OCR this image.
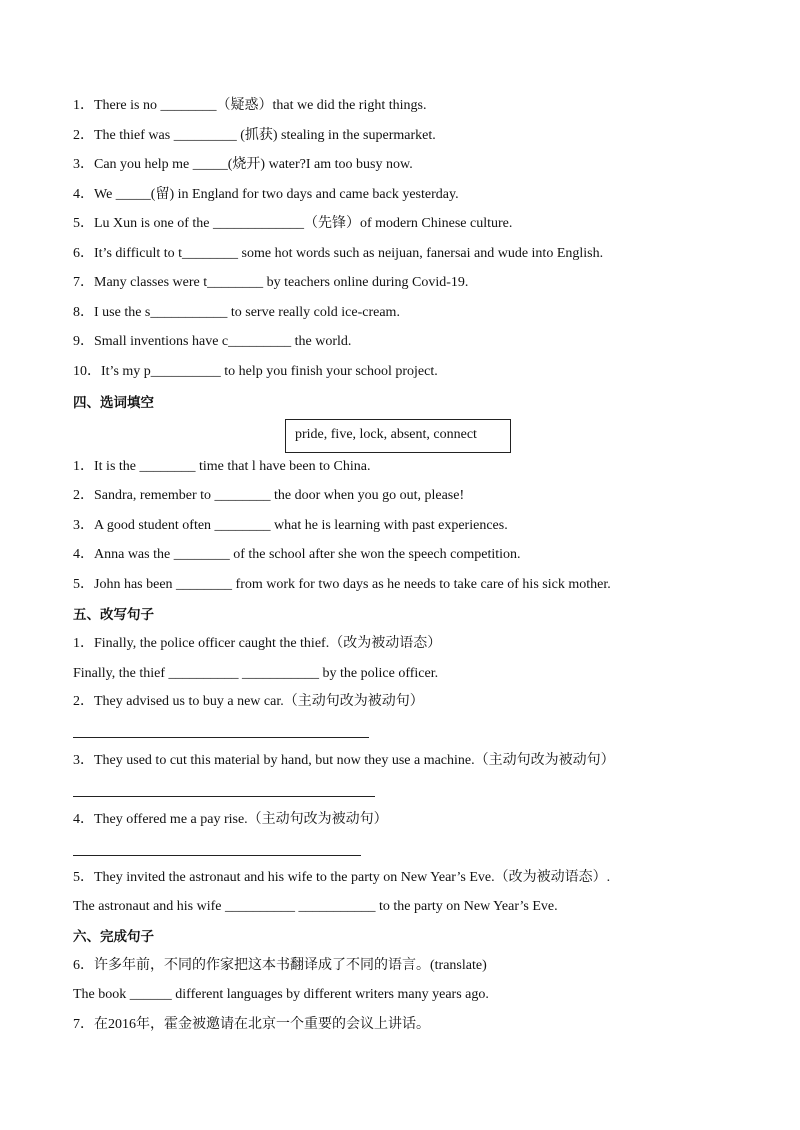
1．There is no ________（疑惑）that we did the right things.
2．The thief was _________ (抓获) stealing in the supermarket.
3．Can you help me _____(烧开) water?I am too busy now.
4．We _____(留) in England for two days and came back yesterday.
5．Lu Xun is one of the _____________（先锋）of modern Chinese culture.
6．It’s difficult to t________ some hot words such as neijuan, fanersai and wude into English.
7．Many classes were t________ by teachers online during Covid-19.
8．I use the s___________ to serve really cold ice-cream.
9．Small inventions have c_________ the world.
10．It’s my p__________ to help you finish your school project.
四、选词填空
pride, five, lock, absent, connect
1．It is the ________ time that l have been to China.
2．Sandra, remember to ________ the door when you go out, please!
3．A good student often ________ what he is learning with past experiences.
4．Anna was the ________ of the school after she won the speech competition.
5．John has been ________ from work for two days as he needs to take care of his sick mother.
五、改写句子
1．Finally, the police officer caught the thief.（改为被动语态）
Finally, the thief __________ ___________ by the police officer.
2．They advised us to buy a new car.（主动句改为被动句）
3．They used to cut this material by hand, but now they use a machine.（主动句改为被动句）
4．They offered me a pay rise.（主动句改为被动句）
5．They invited the astronaut and his wife to the party on New Year’s Eve.（改为被动语态）.
The astronaut and his wife __________ ___________ to the party on New Year’s Eve.
六、完成句子
6．许多年前，不同的作家把这本书翻译成了不同的语言。(translate)
The book ______ different languages by different writers many years ago.
7．在2016年，霍金被邀请在北京一个重要的会议上讲话。
